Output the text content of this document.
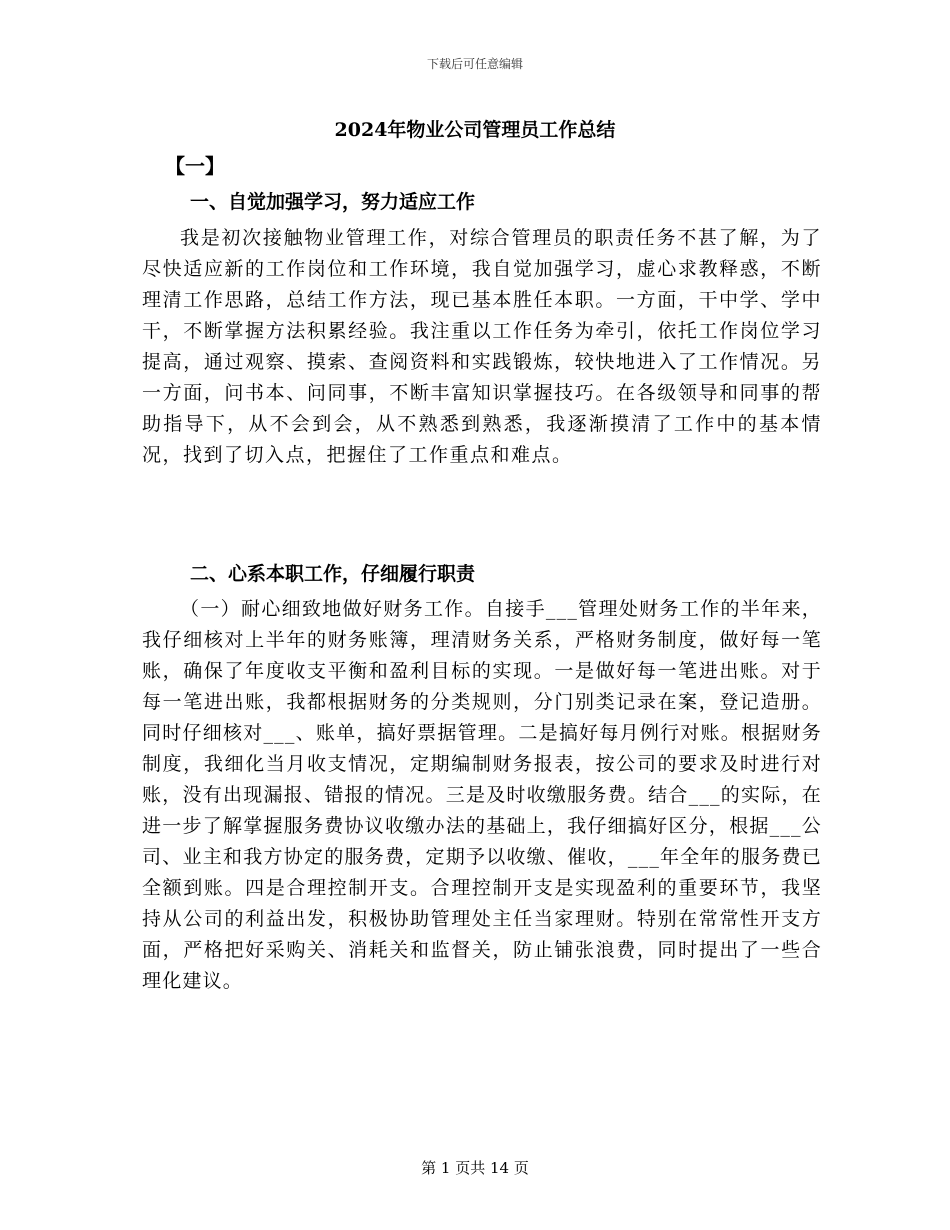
下载后可任意编辑
2024年物业公司管理员工作总结
【一】
一、自觉加强学习，努力适应工作

我是初次接触物业管理工作，对综合管理员的职责任务不甚了解，为了尽快适应新的工作岗位和工作环境，我自觉加强学习，虚心求教释惑，不断理清工作思路，总结工作方法，现已基本胜任本职。一方面，干中学、学中干，不断掌握方法积累经验。我注重以工作任务为牵引，依托工作岗位学习提高，通过观察、摸索、查阅资料和实践锻炼，较快地进入了工作情况。另一方面，问书本、问同事，不断丰富知识掌握技巧。在各级领导和同事的帮助指导下，从不会到会，从不熟悉到熟悉，我逐渐摸清了工作中的基本情况，找到了切入点，把握住了工作重点和难点。

二、心系本职工作，仔细履行职责

（一）耐心细致地做好财务工作。自接手___管理处财务工作的半年来，我仔细核对上半年的财务账簿，理清财务关系，严格财务制度，做好每一笔账，确保了年度收支平衡和盈利目标的实现。一是做好每一笔进出账。对于每一笔进出账，我都根据财务的分类规则，分门别类记录在案，登记造册。同时仔细核对___、账单，搞好票据管理。二是搞好每月例行对账。根据财务制度，我细化当月收支情况，定期编制财务报表，按公司的要求及时进行对账，没有出现漏报、错报的情况。三是及时收缴服务费。结合___的实际，在进一步了解掌握服务费协议收缴办法的基础上，我仔细搞好区分，根据___公司、业主和我方协定的服务费，定期予以收缴、催收，___年全年的服务费已全额到账。四是合理控制开支。合理控制开支是实现盈利的重要环节，我坚持从公司的利益出发，积极协助管理处主任当家理财。特别在常常性开支方面，严格把好采购关、消耗关和监督关，防止铺张浪费，同时提出了一些合理化建议。

第 1 页共 14 页
